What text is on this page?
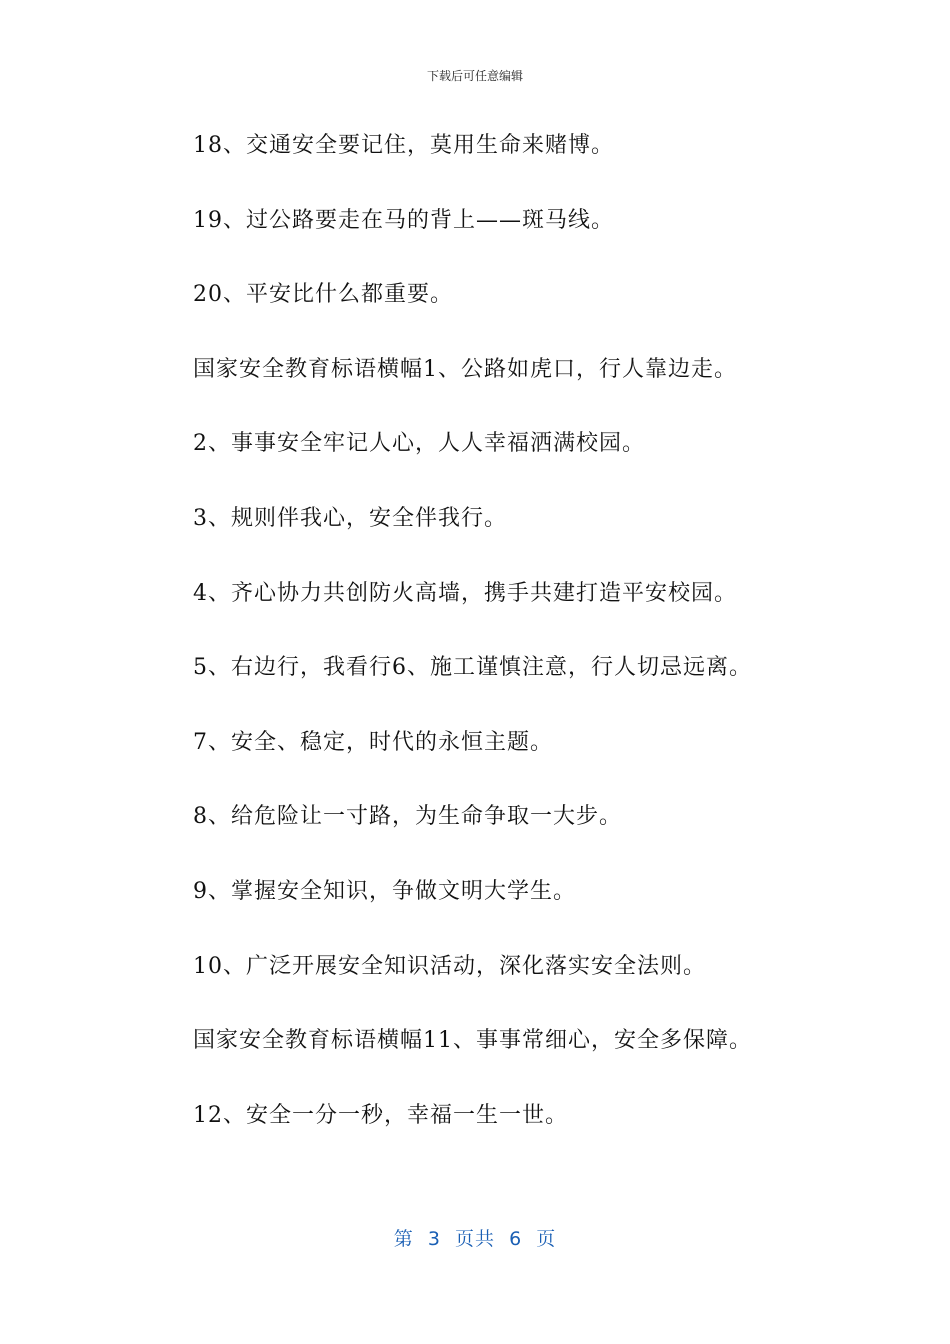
下载后可任意编辑
18、交通安全要记住，莫用生命来赌博。
19、过公路要走在马的背上——斑马线。
20、平安比什么都重要。
国家安全教育标语横幅1、公路如虎口，行人靠边走。
2、事事安全牢记人心，人人幸福洒满校园。
3、规则伴我心，安全伴我行。
4、齐心协力共创防火高墙，携手共建打造平安校园。
5、右边行，我看行6、施工谨慎注意，行人切忌远离。
7、安全、稳定，时代的永恒主题。
8、给危险让一寸路，为生命争取一大步。
9、掌握安全知识，争做文明大学生。
10、广泛开展安全知识活动，深化落实安全法则。
国家安全教育标语横幅11、事事常细心，安全多保障。
12、安全一分一秒，幸福一生一世。
第  3  页共  6  页
